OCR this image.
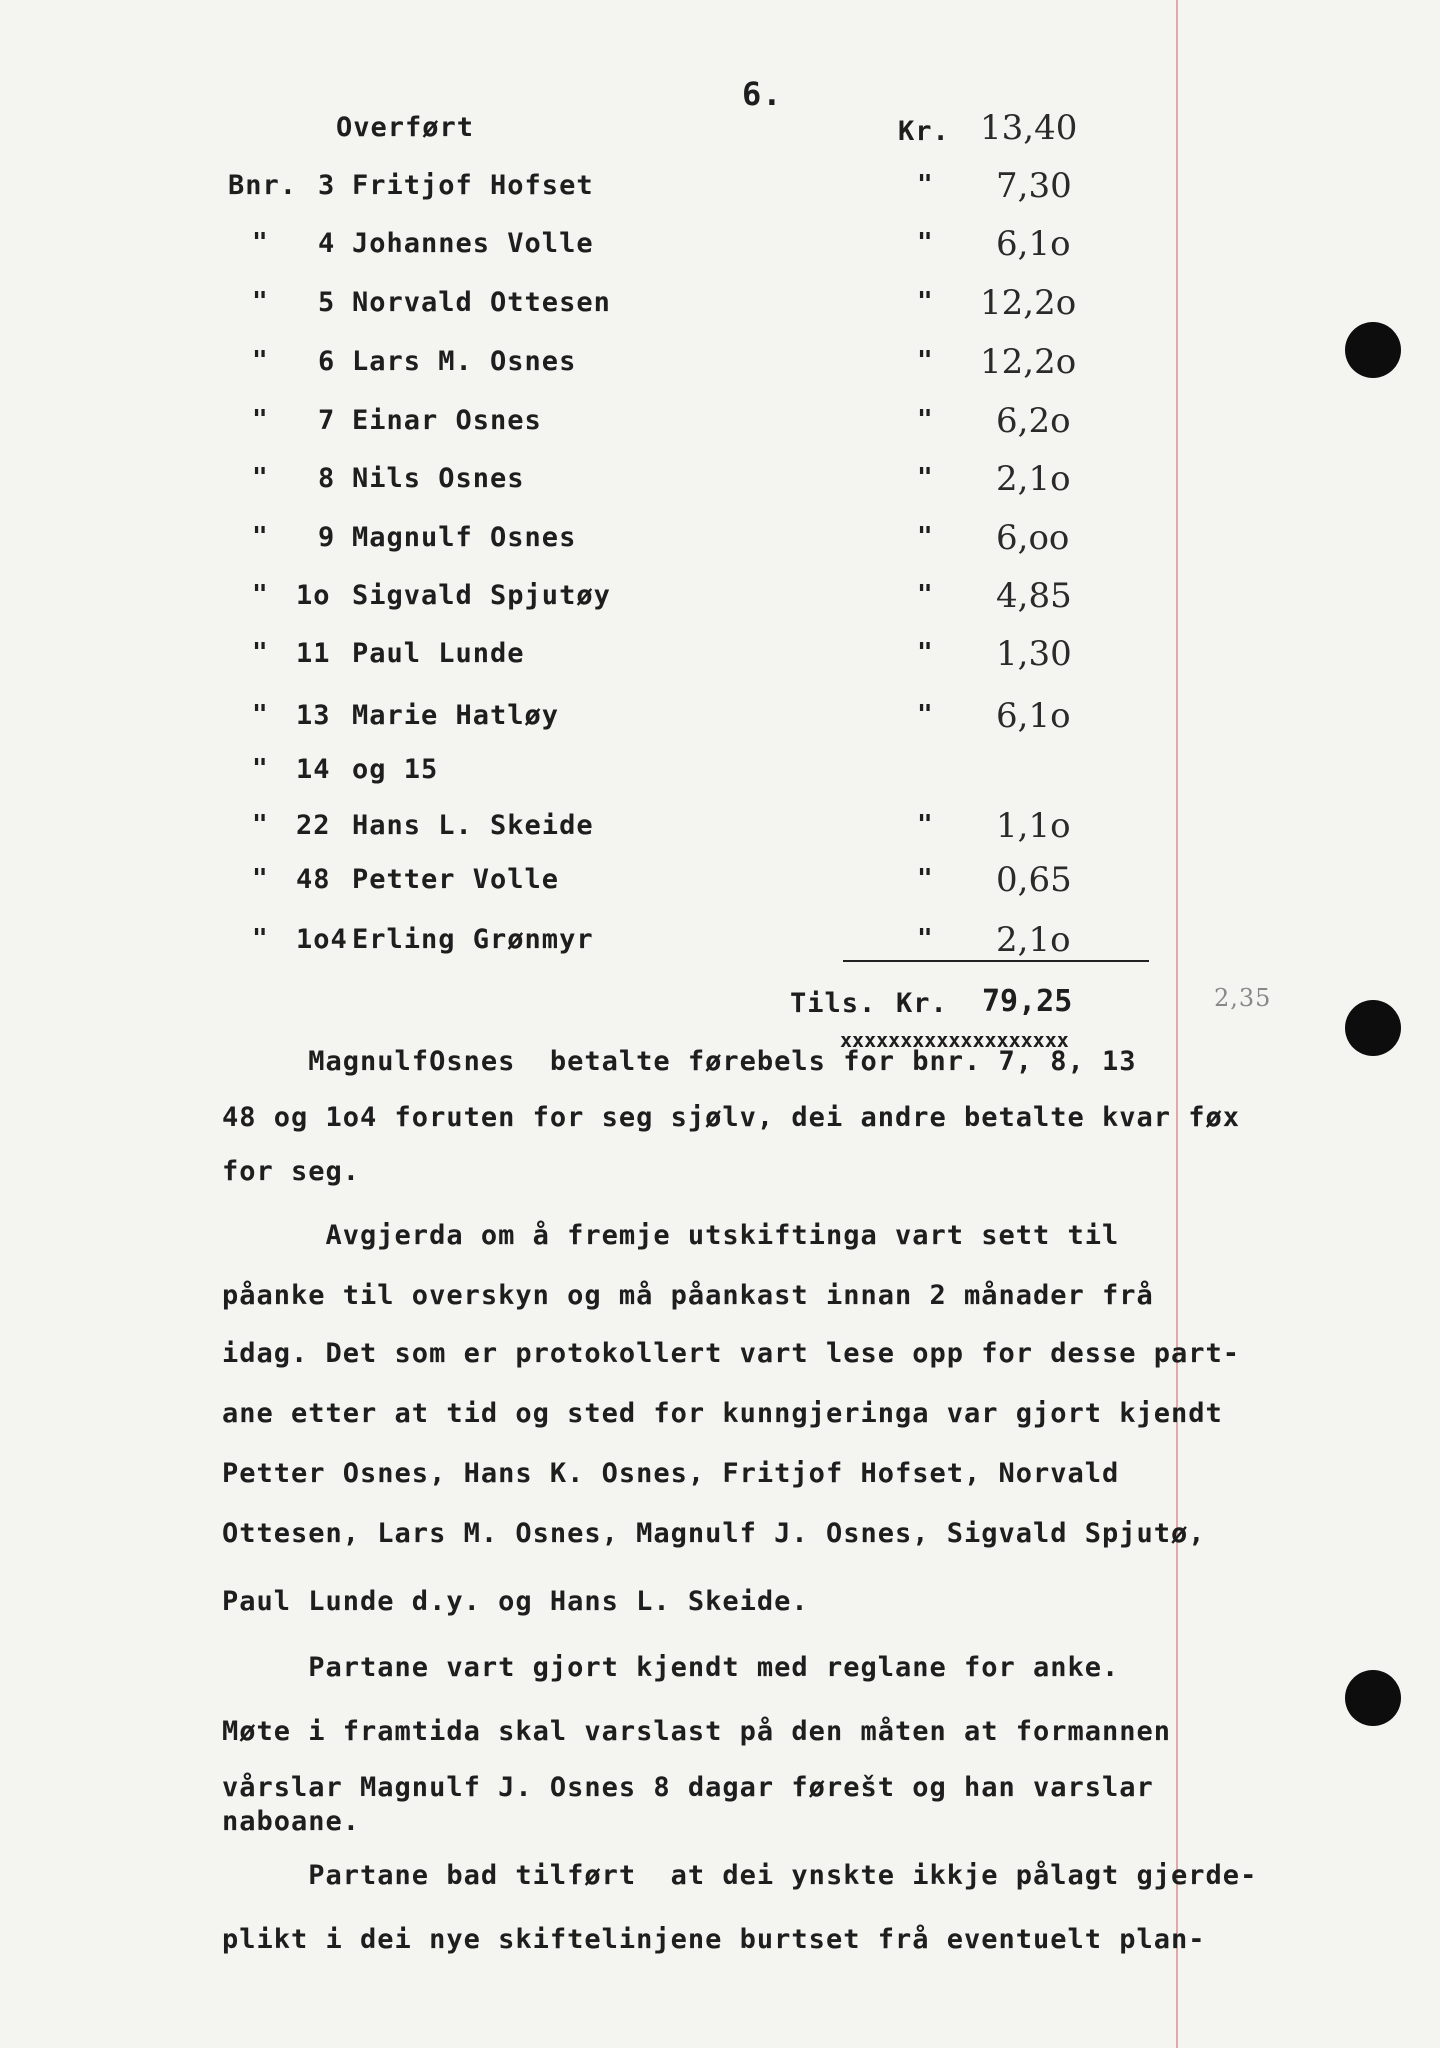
6.
Overført	Kr. 13,40
Bnr. 3 Fritjof Hofset	" 7,30
" 4 Johannes Volle	" 6,1o
" 5 Norvald Ottesen	" 12,2o
" 6 Lars M. Osnes	" 12,2o
" 7 Einar Osnes	" 6,2o
" 8 Nils Osnes	" 2,1o
" 9 Magnulf Osnes	" 6,oo
" 1o Sigvald Spjutøy	" 4,85
" 11 Paul Lunde	" 1,30
" 13 Marie Hatløy	" 6,1o
" 14 og 15
" 22 Hans L. Skeide	" 1,1o
" 48 Petter Volle	" 0,65
" 1o4 Erling Grønmyr	" 2,1o
Tils. Kr. 79,25
xxxxxxxxxxxxxxxxxxx
2,35
MagnulfOsnes  betalte førebels for bnr. 7, 8, 13
48 og 1o4 foruten for seg sjølv, dei andre betalte kvar føx
for seg.
Avgjerda om å fremje utskiftinga vart sett til
påanke til overskyn og må påankast innan 2 månader frå
idag. Det som er protokollert vart lese opp for desse part-
ane etter at tid og sted for kunngjeringa var gjort kjendt
Petter Osnes, Hans K. Osnes, Fritjof Hofset, Norvald
Ottesen, Lars M. Osnes, Magnulf J. Osnes, Sigvald Spjutø,
Paul Lunde d.y. og Hans L. Skeide.
Partane vart gjort kjendt med reglane for anke.
Møte i framtida skal varslast på den måten at formannen
vårslar Magnulf J. Osnes 8 dagar førešt og han varslar
naboane.
Partane bad tilført  at dei ynskte ikkje pålagt gjerde-
plikt i dei nye skiftelinjene burtset frå eventuelt plan-
